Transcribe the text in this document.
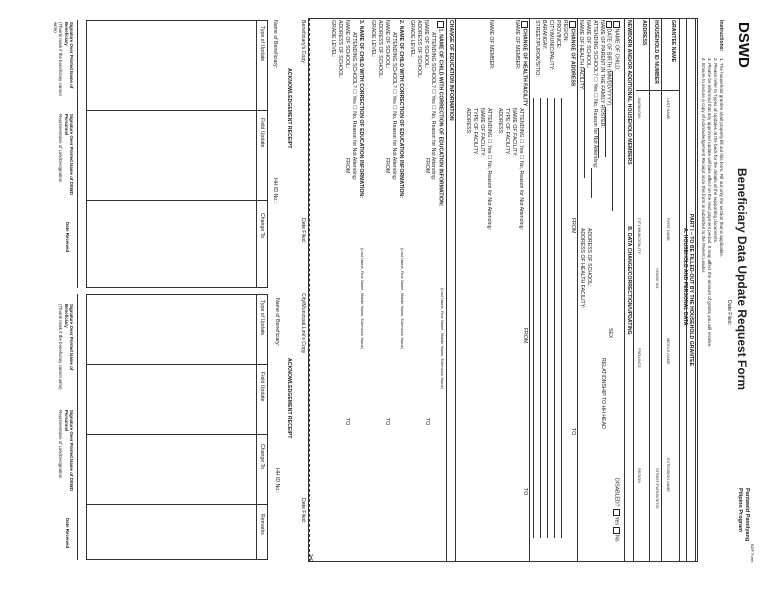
DSWD
Beneficiary Data Update Request Form
Date Filed:
Pantawid Pamilyang Pilipino Program
BDF Form
Instructions:
1. The household grantee shall properly fill out this form. Fill out only the section that is applicable.
2. Please refer to Types of Updates at the back for the details of the supporting documents.
3. Please be informed that any approved update will take effect on the next payment period. It may affect the amount of grants you will receive.
4. Ensure to secure a copy of Acknowledgement Receipt once this form is submitted to the Parent Leader.
PART I – TO BE FILLED-OUT BY THE HOUSEHOLD GRANTEE
A. HOUSEHOLD AND PERSONAL DATA
GRANTEE NAME
LAST NAME
FIRST NAME
MIDDLE NAME
EXTENSION NAME
HOUSEHOLD ID NUMBER
HOUSE NO.
STREET/PUROK/SITIO
ADDRESS
BARANGAY
CITY/MUNICIPALITY
PROVINCE
REGION
NEWBORN AND/OR ADDITIONAL HOUSEHOLD MEMBERS B. DATA CHANGE/CORRECTION/UPDATING
NAME OF CHILD:
DATE OF BIRTH (MM/DD/YYYY):
NAME OF PARENT IN THE FAMILY ROSTER:
ATTENDING SCHOOL? ☐ Yes ☐ No, Reason for Not Attending:
NAME OF SCHOOL:
NAME OF HEALTH FACILITY:
SEX
RELATIONSHIP TO HH HEAD
DISABLED? Yes No
ADDRESS OF SCHOOL:
ADDRESS OF HEALTH FACILITY:
CHANGE OF ADDRESS
REGION:
PROVINCE:
CITY/MUNICIPALITY:
BARANGAY:
STREET/PUROK/SITIO:
FROM
TO
CHANGE OF HEALTH FACILITY
NAME OF MEMBER:
ATTENDING ☐ Yes ☐ No, Reason for Not Attending:
NAME OF FACILITY:
TYPE OF FACILITY:
ADDRESS:
FROM
TO
NAME OF MEMBER:
ATTENDING ☐ Yes ☐ No, Reason for Not Attending:
NAME OF FACILITY:
TYPE OF FACILITY:
ADDRESS:
CHANGE OF EDUCATION INFORMATION
1. NAME OF CHILD WITH CORRECTION OF EDUCATION INFORMATION:
ATTENDING SCHOOL? ☐ Yes ☐ No, Reason for Not Attending:
NAME OF SCHOOL:
ADDRESS OF SCHOOL:
GRADE LEVEL:
(Last Name, First Name, Middle Name, Extension Name)
FROM
TO
2. NAME OF CHILD WITH CORRECTION OF EDUCATION INFORMATION:
ATTENDING SCHOOL? ☐ Yes ☐ No, Reason for Not Attending:
NAME OF SCHOOL:
ADDRESS OF SCHOOL:
GRADE LEVEL:
(Last Name, First Name, Middle Name, Extension Name)
FROM
TO
3. NAME OF CHILD WITH CORRECTION OF EDUCATION INFORMATION:
ATTENDING SCHOOL? ☐ Yes ☐ No, Reason for Not Attending:
NAME OF SCHOOL:
ADDRESS OF SCHOOL:
GRADE LEVEL:
(Last Name, First Name, Middle Name, Extension Name)
FROM
TO
✂
Beneficiary's Copy
Date Filed:
City/Municipal Link's Copy
Date Filed:
ACKNOWLEDGEMENT RECEIPT
ACKNOWLEDGEMENT RECEIPT
Name of Beneficiary:
HH ID No.:
Name of Beneficiary:
HH ID No.:
Type of Update
Field Update
Change To
Type of Update
Field Update
Change To
Remarks
Signature Over Printed Name of Beneficiary
(Thumb mark if the beneficiary cannot write)
Signature Over Printed Name of DSWD Personnel
Representative of Link/Designation
Date Received
Signature Over Printed Name of Beneficiary
(Thumb mark if the beneficiary cannot write)
Signature Over Printed Name of DSWD Personnel
Representative of Link/Designation
Date Received
